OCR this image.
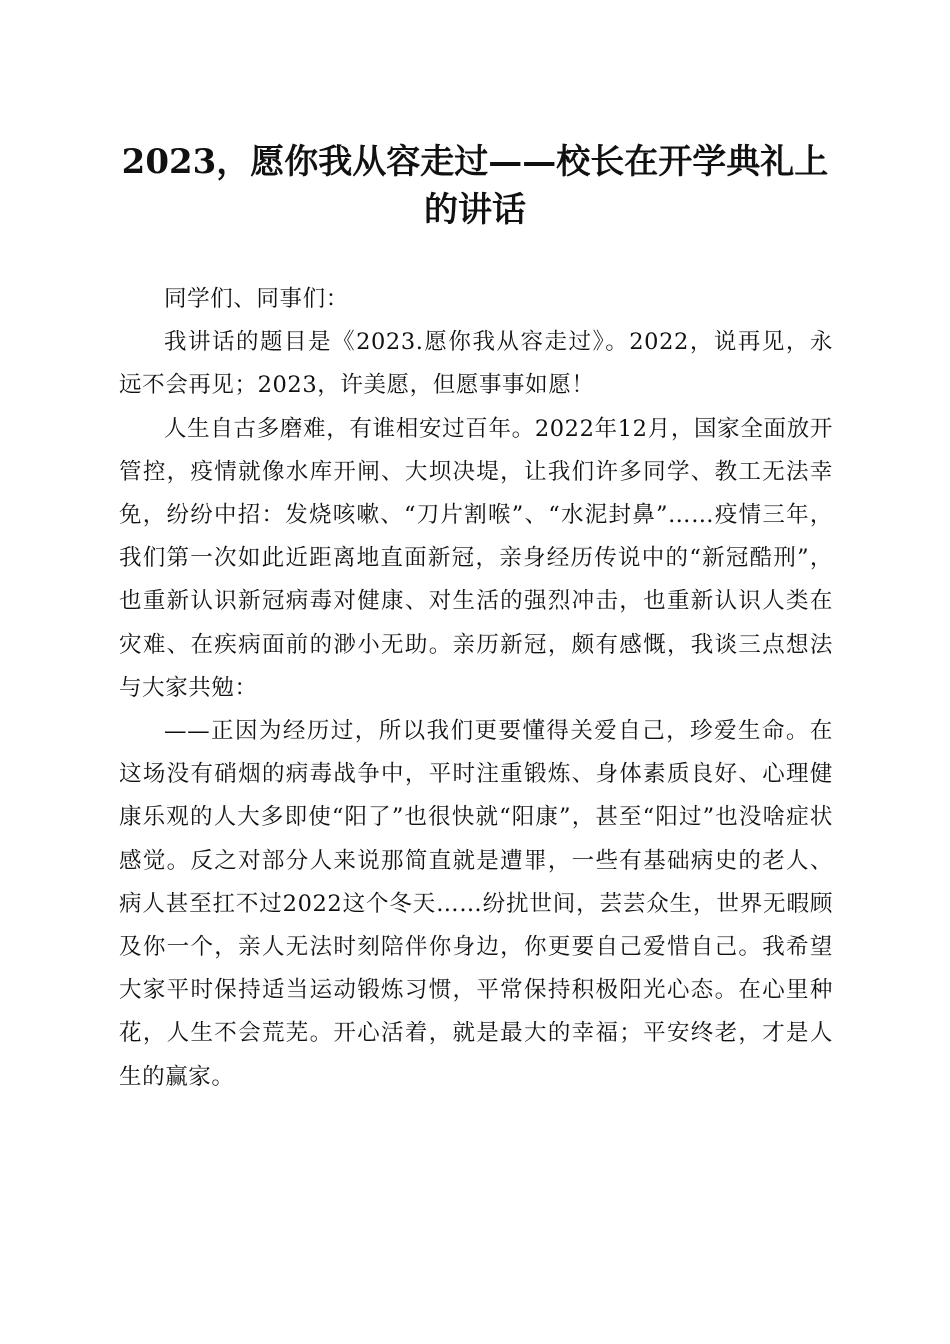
2023，愿你我从容走过——校长在开学典礼上的讲话

同学们、同事们：

我讲话的题目是《2023.愿你我从容走过》。2022，说再见，永远不会再见；2023，许美愿，但愿事事如愿！

人生自古多磨难，有谁相安过百年。2022年12月，国家全面放开管控，疫情就像水库开闸、大坝决堤，让我们许多同学、教工无法幸免，纷纷中招：发烧咳嗽、“刀片割喉”、“水泥封鼻”……疫情三年，我们第一次如此近距离地直面新冠，亲身经历传说中的“新冠酷刑”，也重新认识新冠病毒对健康、对生活的强烈冲击，也重新认识人类在灾难、在疾病面前的渺小无助。亲历新冠，颇有感慨，我谈三点想法与大家共勉：

——正因为经历过，所以我们更要懂得关爱自己，珍爱生命。在这场没有硝烟的病毒战争中，平时注重锻炼、身体素质良好、心理健康乐观的人大多即使“阳了”也很快就“阳康”，甚至“阳过”也没啥症状感觉。反之对部分人来说那简直就是遭罪，一些有基础病史的老人、病人甚至扛不过2022这个冬天……纷扰世间，芸芸众生，世界无暇顾及你一个，亲人无法时刻陪伴你身边，你更要自己爱惜自己。我希望大家平时保持适当运动锻炼习惯，平常保持积极阳光心态。在心里种花，人生不会荒芜。开心活着，就是最大的幸福；平安终老，才是人生的赢家。
